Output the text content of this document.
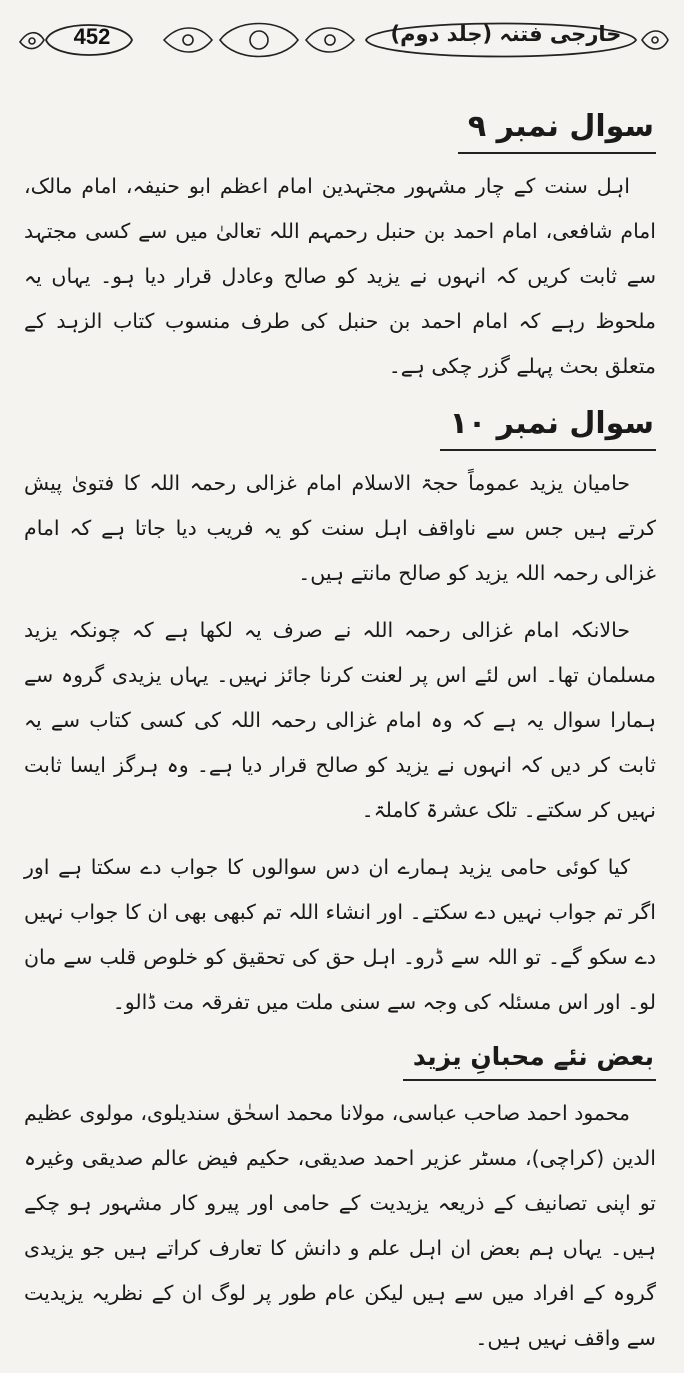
452	خارجی فتنہ (جلد دوم)
سوال نمبر ۹

اہل سنت کے چار مشہور مجتہدین امام اعظم ابو حنیفہ، امام مالک، امام شافعی، امام احمد بن حنبل رحمہم اللہ تعالیٰ میں سے کسی مجتہد سے ثابت کریں کہ انہوں نے یزید کو صالح وعادل قرار دیا ہو۔ یہاں یہ ملحوظ رہے کہ امام احمد بن حنبل کی طرف منسوب کتاب الزہد کے متعلق بحث پہلے گزر چکی ہے۔

سوال نمبر ۱۰

حامیان یزید عموماً حجۃ الاسلام امام غزالی رحمہ اللہ کا فتویٰ پیش کرتے ہیں جس سے ناواقف اہل سنت کو یہ فریب دیا جاتا ہے کہ امام غزالی رحمہ اللہ یزید کو صالح مانتے ہیں۔

حالانکہ امام غزالی رحمہ اللہ نے صرف یہ لکھا ہے کہ چونکہ یزید مسلمان تھا۔ اس لئے اس پر لعنت کرنا جائز نہیں۔ یہاں یزیدی گروہ سے ہمارا سوال یہ ہے کہ وہ امام غزالی رحمہ اللہ کی کسی کتاب سے یہ ثابت کر دیں کہ انہوں نے یزید کو صالح قرار دیا ہے۔ وہ ہرگز ایسا ثابت نہیں کر سکتے۔ تلک عشرۃ کاملۃ۔

کیا کوئی حامی یزید ہمارے ان دس سوالوں کا جواب دے سکتا ہے اور اگر تم جواب نہیں دے سکتے۔ اور انشاء اللہ تم کبھی بھی ان کا جواب نہیں دے سکو گے۔ تو اللہ سے ڈرو۔ اہل حق کی تحقیق کو خلوص قلب سے مان لو۔ اور اس مسئلہ کی وجہ سے سنی ملت میں تفرقہ مت ڈالو۔

بعض نئے محبانِ یزید

محمود احمد صاحب عباسی، مولانا محمد اسحٰق سندیلوی، مولوی عظیم الدین (کراچی)، مسٹر عزیر احمد صدیقی، حکیم فیض عالم صدیقی وغیرہ تو اپنی تصانیف کے ذریعہ یزیدیت کے حامی اور پیرو کار مشہور ہو چکے ہیں۔ یہاں ہم بعض ان اہل علم و دانش کا تعارف کراتے ہیں جو یزیدی گروہ کے افراد میں سے ہیں لیکن عام طور پر لوگ ان کے نظریہ یزیدیت سے واقف نہیں ہیں۔
